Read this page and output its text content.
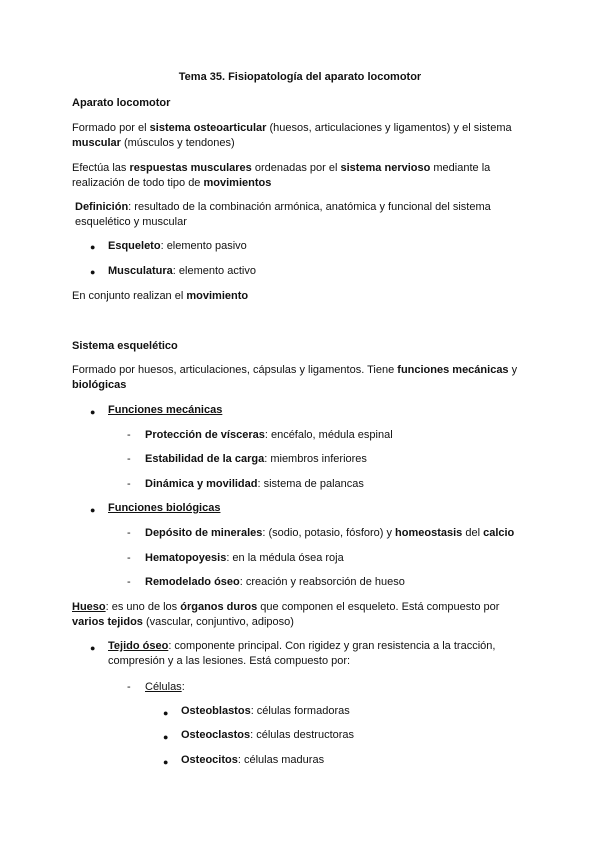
Tema 35. Fisiopatología del aparato locomotor
Aparato locomotor
Formado por el sistema osteoarticular (huesos, articulaciones y ligamentos) y el sistema
muscular (músculos y tendones)
Efectúa las respuestas musculares ordenadas por el sistema nervioso mediante la
realización de todo tipo de movimientos
Definición: resultado de la combinación armónica, anatómica y funcional del sistema
esquelético y muscular
● Esqueleto: elemento pasivo
● Musculatura: elemento activo
En conjunto realizan el movimiento
Sistema esquelético
Formado por huesos, articulaciones, cápsulas y ligamentos. Tiene funciones mecánicas y
biológicas
● Funciones mecánicas
- Protección de vísceras: encéfalo, médula espinal
- Estabilidad de la carga: miembros inferiores
- Dinámica y movilidad: sistema de palancas
● Funciones biológicas
- Depósito de minerales: (sodio, potasio, fósforo) y homeostasis del calcio
- Hematopoyesis: en la médula ósea roja
- Remodelado óseo: creación y reabsorción de hueso
Hueso: es uno de los órganos duros que componen el esqueleto. Está compuesto por
varios tejidos (vascular, conjuntivo, adiposo)
● Tejido óseo: componente principal. Con rigidez y gran resistencia a la tracción,
compresión y a las lesiones. Está compuesto por:
- Células:
● Osteoblastos: células formadoras
● Osteoclastos: células destructoras
● Osteocitos: células maduras
